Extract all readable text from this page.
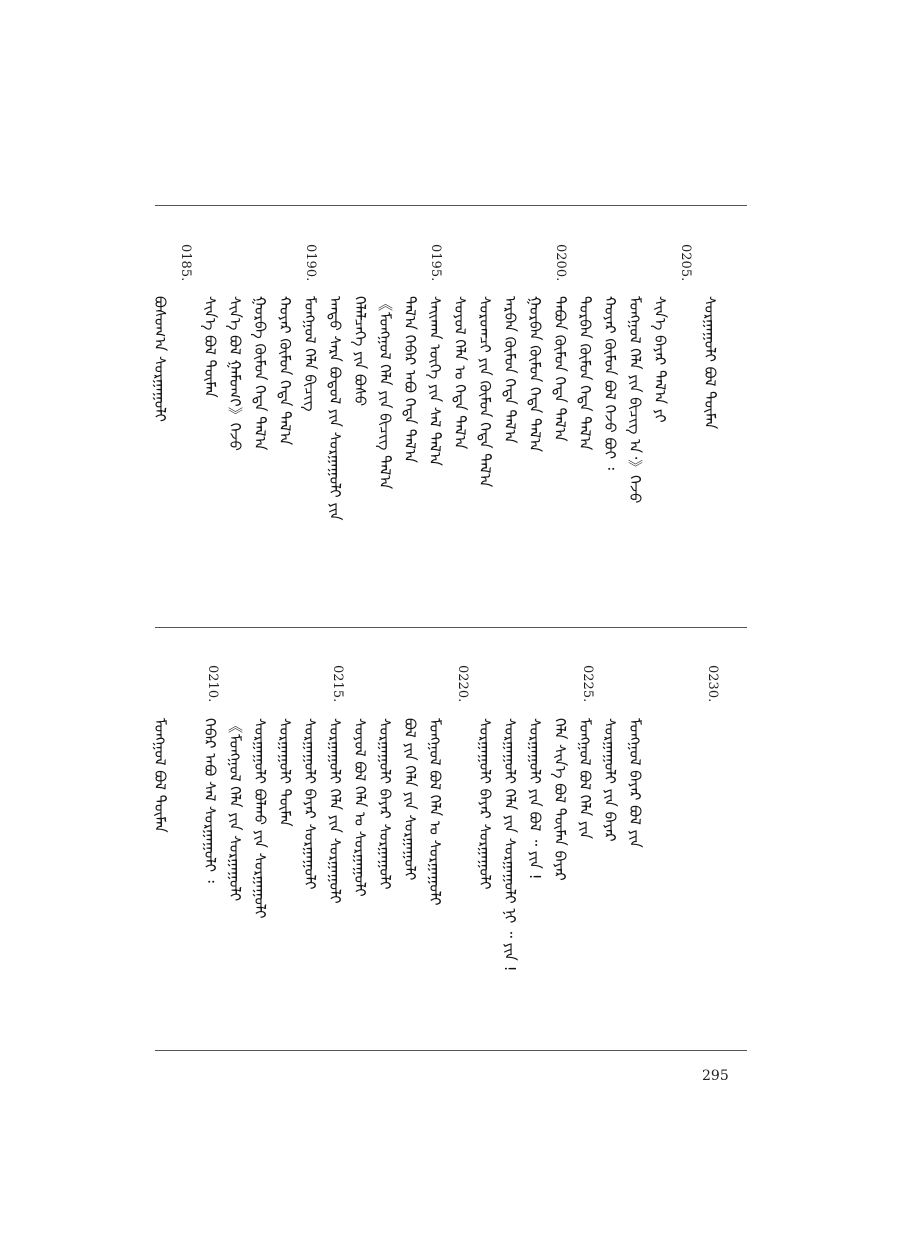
0185.	0190.	0195.	0200.	0205.
ᠪᠣᠰᠣᠭ᠎ᠠ ᠰᠤᠷᠭᠠᠭᠤᠯᠢ ᠰᠢᠨ᠎ᠡ ᠪᠣᠯ ᠲᠦᠮᠡᠨ ᠰᠢᠨ᠎ᠡ ᠪᠣᠯ ᠭᠠᠮᠤᠭ᠎ᠢ᠋》ᠭᠡᠵᠦ ᠭᠣᠷᠪᠠ ᠬᠦᠮᠦᠨ ᠭᠡᠳᠡ ᠲᠠᠯ᠎ᠠ ᠬᠣᠶᠠᠷ ᠬᠦᠮᠦᠨ ᠭᠡᠳᠡ ᠲᠠᠯ᠎ᠠ ᠮᠣᠩᠭᠣᠯ ᠬᠡᠯᠡ ᠪᠢᠴᠢᠭ ᠠᠨᠳᠤ ᠰᠠᠷᠠ ᠪᠣᠳᠤᠯ ᠶᠢᠨ ᠰᠤᠷᠭᠠᠭᠤᠯᠢ ᠶᠢᠨ ᠬᠡᠯᠡᠯᠴᠡᠭᠡ ᠶᠢᠨ ᠪᠤᠰᠤ 《ᠮᠣᠩᠭᠣᠯ ᠬᠡᠯᠡ ᠶᠢᠨ ᠪᠢᠴᠢᠭ ᠲᠠᠯ᠎ᠠ ᠲᠠᠯ᠎ᠠ ᠬᠡᠪᠡᠷ ᠠᠪᠤ ᠭᠡᠳᠡ ᠲᠠᠯ᠎ᠠ ᠰᠠᠢᠬᠠᠨ ᠦᠭᠡ ᠶᠢᠨ ᠰᠠᠯ ᠲᠠᠯ᠎ᠠ ᠰᠣᠶᠣᠯ ᠬᠡᠯᠡ ᠣ ᠭᠡᠳᠡ ᠲᠠᠯ᠎ᠠ ᠰᠤᠷᠤᠭᠴᠢ ᠶᠢᠨ ᠬᠦᠮᠦᠨ ᠭᠡᠳᠡ ᠲᠠᠯ᠎ᠠ ᠠᠷᠪᠠᠨ ᠬᠦᠮᠦᠨ ᠭᠡᠳᠡ ᠲᠠᠯ᠎ᠠ ᠭᠤᠷᠪᠠᠨ ᠬᠦᠮᠦᠨ ᠭᠡᠳᠡ ᠲᠠᠯ᠎ᠠ ᠲᠠᠪᠤᠨ ᠬᠦᠮᠦᠨ ᠭᠡᠳᠡ ᠲᠠᠯ᠎ᠠ ᠳᠣᠷᠪᠡᠨ ᠬᠦᠮᠦᠨ ᠭᠡᠳᠡ ᠲᠠᠯ᠎ᠠ ᠬᠣᠶᠠᠷ ᠬᠦᠮᠦᠨ ᠪᠣᠯ ᠭᠡᠵᠦ ᠪᠤᠢ ᠄ ᠮᠣᠩᠭᠣᠯ ᠬᠡᠯᠡ ᠶᠢᠨ ᠪᠢᠴᠢᠭ ᠠ᠂》ᠭᠡᠵᠦ ᠰᠢᠨ᠎ᠡ ᠪᠠᠶᠠᠷ ᠲᠠᠯ᠎ᠠ ᠶᠢ ᠰᠤᠷᠭᠠᠭᠤᠯᠢ ᠪᠣᠯ ᠲᠦᠮᠡᠨ
0210.	0215.	0220.	0225.	0230.
ᠮᠣᠩᠭᠣᠯ ᠪᠣᠯ ᠲᠦᠮᠡᠨ ᠬᠡᠪᠡᠷ ᠠᠪᠤ ᠰᠠᠯ ᠰᠤᠷᠭᠠᠭᠤᠯᠢ ᠄ 《ᠮᠣᠩᠭᠣᠯ ᠬᠡᠯᠡ ᠶᠢᠨ ᠰᠤᠷᠭᠠᠭᠤᠯᠢ ᠰᠤᠷᠭᠠᠭᠤᠯᠢ ᠪᠣᠯᠬᠤ ᠶᠢᠨ ᠰᠤᠷᠭᠠᠭᠤᠯᠢ ᠰᠤᠷᠭᠠᠭᠤᠯᠢ ᠲᠦᠮᠡᠨ ᠰᠤᠷᠭᠠᠭᠤᠯᠢ ᠪᠠᠶᠠᠷ ᠰᠤᠷᠭᠠᠭᠤᠯᠢ ᠰᠤᠷᠭᠠᠭᠤᠯᠢ ᠬᠡᠯᠡ ᠶᠢᠨ ᠰᠤᠷᠭᠠᠭᠤᠯᠢ ᠰᠣᠶᠣᠯ ᠪᠣᠯ ᠬᠡᠯᠡ ᠣ ᠰᠤᠷᠭᠠᠭᠤᠯᠢ ᠰᠤᠷᠭᠠᠭᠤᠯᠢ ᠪᠠᠶᠠᠷ ᠰᠤᠷᠭᠠᠭᠤᠯᠢ ᠪᠣᠯ ᠶᠢᠨ ᠬᠡᠯᠡ ᠶᠢᠨ ᠰᠤᠷᠭᠠᠭᠤᠯᠢ ᠮᠣᠩᠭᠣᠯ ᠪᠣᠯ ᠬᠡᠯᠡ ᠣ ᠰᠤᠷᠭᠠᠭᠤᠯᠢ ᠰᠤᠷᠭᠠᠭᠤᠯᠢ ᠪᠠᠶᠠᠷ ᠰᠤᠷᠭᠠᠭᠤᠯᠢ ᠰᠤᠷᠭᠠᠭᠤᠯᠢ ᠬᠡᠯᠡ ᠶᠢᠨ ᠰᠤᠷᠭᠠᠭᠤᠯᠢ ᠨᠢ ᠃ ᠶᠢᠨ ! ᠰᠤᠷᠭᠠᠭᠤᠯᠢ ᠶᠢᠨ ᠪᠣᠯ ᠃ ᠶᠢᠨ ! ᠬᠡᠯᠡ ᠰᠢᠨ᠎ᠡ ᠪᠣᠯ ᠲᠦᠮᠡᠨ ᠪᠠᠶᠠᠷ ᠮᠣᠩᠭᠣᠯ ᠪᠣᠯ ᠬᠡᠯᠡ ᠶᠢᠨ ᠰᠤᠷᠭᠠᠭᠤᠯᠢ ᠶᠢᠨ ᠪᠠᠶᠠᠷ ᠮᠣᠩᠭᠣᠯ ᠪᠠᠶᠠᠷ ᠪᠣᠯ ᠶᠢᠨ
295
